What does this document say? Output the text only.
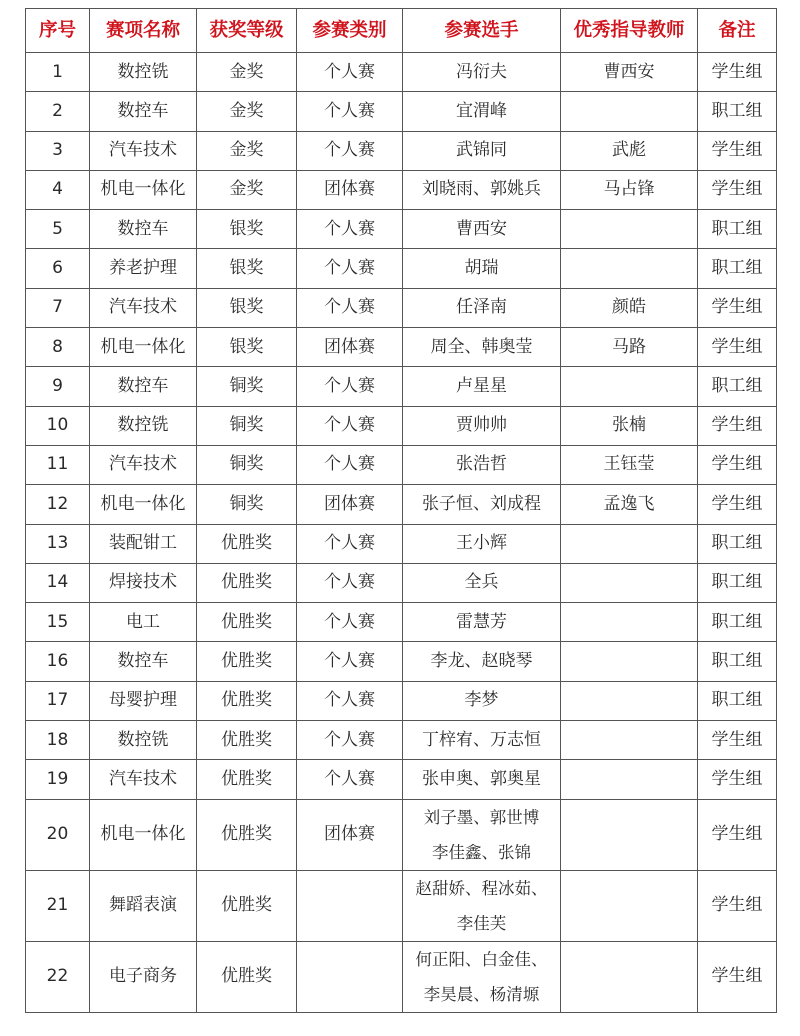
序号	赛项名称	获奖等级	参赛类别	参赛选手	优秀指导教师	备注
1	数控铣	金奖	个人赛	冯衍夫	曹西安	学生组
2	数控车	金奖	个人赛	宜渭峰		职工组
3	汽车技术	金奖	个人赛	武锦同	武彪	学生组
4	机电一体化	金奖	团体赛	刘晓雨、郭姚兵	马占锋	学生组
5	数控车	银奖	个人赛	曹西安		职工组
6	养老护理	银奖	个人赛	胡瑞		职工组
7	汽车技术	银奖	个人赛	任泽南	颜皓	学生组
8	机电一体化	银奖	团体赛	周全、韩奥莹	马路	学生组
9	数控车	铜奖	个人赛	卢星星		职工组
10	数控铣	铜奖	个人赛	贾帅帅	张楠	学生组
11	汽车技术	铜奖	个人赛	张浩哲	王钰莹	学生组
12	机电一体化	铜奖	团体赛	张子恒、刘成程	孟逸飞	学生组
13	装配钳工	优胜奖	个人赛	王小辉		职工组
14	焊接技术	优胜奖	个人赛	全兵		职工组
15	电工	优胜奖	个人赛	雷慧芳		职工组
16	数控车	优胜奖	个人赛	李龙、赵晓琴		职工组
17	母婴护理	优胜奖	个人赛	李梦		职工组
18	数控铣	优胜奖	个人赛	丁梓宥、万志恒		学生组
19	汽车技术	优胜奖	个人赛	张申奥、郭奥星		学生组
20	机电一体化	优胜奖	团体赛	刘子墨、郭世博
李佳鑫、张锦		学生组
21	舞蹈表演	优胜奖		赵甜娇、程冰茹、
李佳芙		学生组
22	电子商务	优胜奖		何正阳、白金佳、
李昊晨、杨清塬		学生组
